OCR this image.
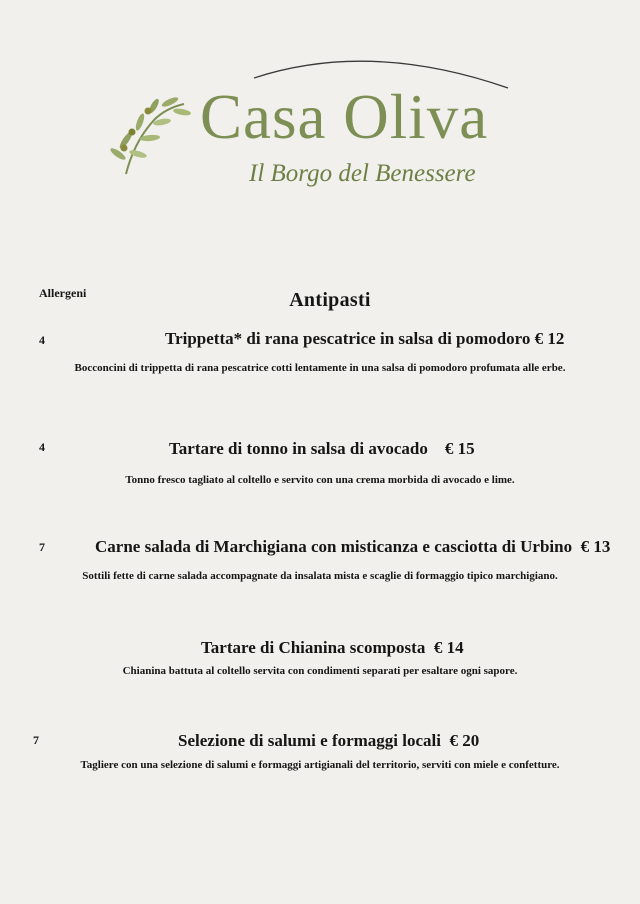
Casa Oliva
Il Borgo del Benessere
Allergeni	Antipasti
4	Trippetta* di rana pescatrice in salsa di pomodoro € 12
Bocconcini di trippetta di rana pescatrice cotti lentamente in una salsa di pomodoro profumata alle erbe.
4	Tartare di tonno in salsa di avocado € 15
Tonno fresco tagliato al coltello e servito con una crema morbida di avocado e lime.
7	Carne salada di Marchigiana con misticanza e casciotta di Urbino € 13
Sottili fette di carne salada accompagnate da insalata mista e scaglie di formaggio tipico marchigiano.
Tartare di Chianina scomposta € 14
Chianina battuta al coltello servita con condimenti separati per esaltare ogni sapore.
7	Selezione di salumi e formaggi locali € 20
Tagliere con una selezione di salumi e formaggi artigianali del territorio, serviti con miele e confetture.
